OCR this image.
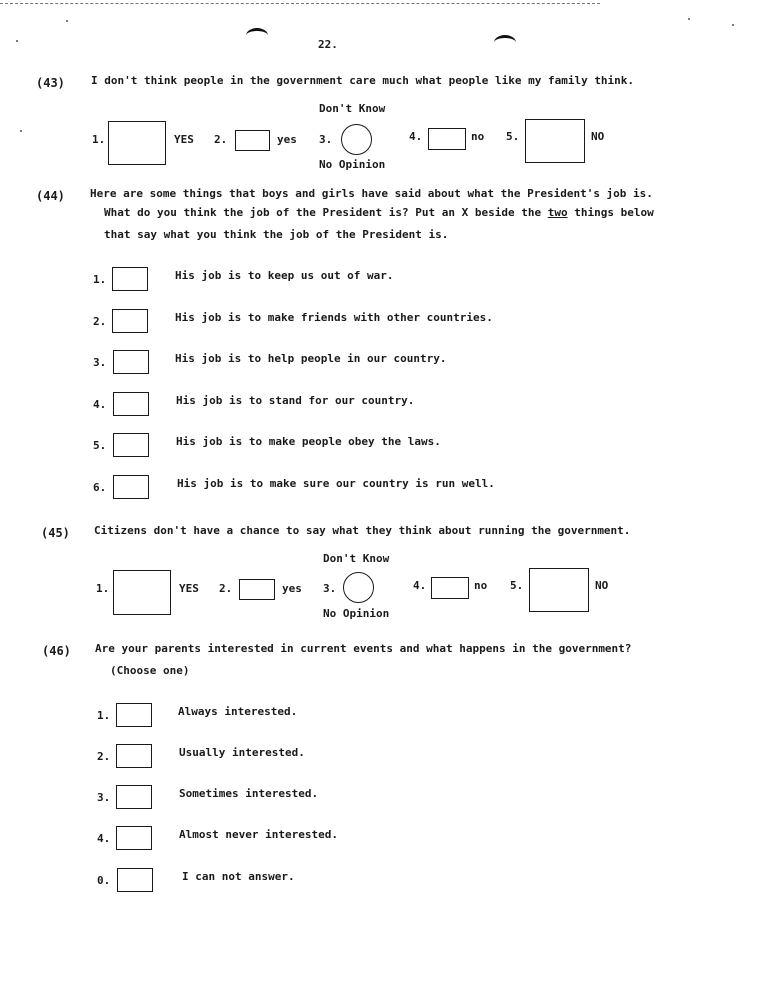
22.
(43) I don't think people in the government care much what people like my family think.
Don't Know
1.	YES 2.	yes 3.	4.	no 5.	NO
No Opinion
(44) Here are some things that boys and girls have said about what the President's job is.
What do you think the job of the President is? Put an X beside the two things below
that say what you think the job of the President is.
1.	His job is to keep us out of war.
2.	His job is to make friends with other countries.
3.	His job is to help people in our country.
4.	His job is to stand for our country.
5.	His job is to make people obey the laws.
6.	His job is to make sure our country is run well.
(45) Citizens don't have a chance to say what they think about running the government.
Don't Know
1.	YES 2.	yes 3.	4.	no 5.	NO
No Opinion
(46) Are your parents interested in current events and what happens in the government?
(Choose one)
1.	Always interested.
2.	Usually interested.
3.	Sometimes interested.
4.	Almost never interested.
0.	I can not answer.
